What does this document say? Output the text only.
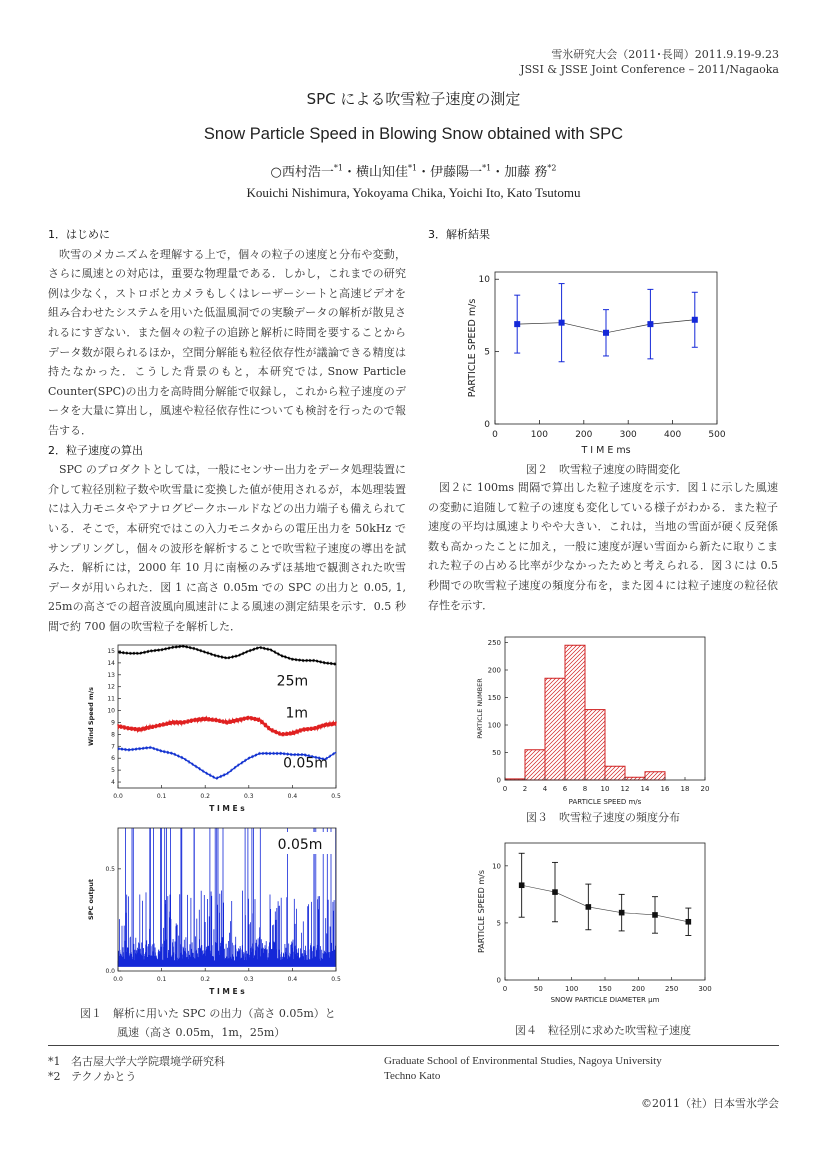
雪氷研究大会（2011･長岡）2011.9.19-9.23
JSSI & JSSE Joint Conference – 2011/Nagaoka
SPC による吹雪粒子速度の測定
Snow Particle Speed in Blowing Snow obtained with SPC
○西村浩一$^{*1}$・横山知佳$^{*1}$・伊藤陽一$^{*1}$・加藤 務$^{*2}$
Kouichi Nishimura, Yokoyama Chika, Yoichi Ito, Kato Tsutomu
1．はじめに

吹雪のメカニズムを理解する上で，個々の粒子の速度と分布や変動，さらに風速との対応は，重要な物理量である．しかし，これまでの研究例は少なく，ストロボとカメラもしくはレーザーシートと高速ビデオを組み合わせたシステムを用いた低温風洞での実験データの解析が散見されるにすぎない．また個々の粒子の追跡と解析に時間を要することからデータ数が限られるほか，空間分解能も粒径依存性が議論できる精度は持たなかった．こうした背景のもと，本研究では, Snow Particle Counter(SPC)の出力を高時間分解能で収録し，これから粒子速度のデータを大量に算出し，風速や粒径依存性についても検討を行ったので報告する．

2．粒子速度の算出

SPC のプロダクトとしては，一般にセンサー出力をデータ処理装置に介して粒径別粒子数や吹雪量に変換した値が使用されるが，本処理装置には入力モニタやアナログピークホールドなどの出力端子も備えられている．そこで，本研究ではこの入力モニタからの電圧出力を 50kHz でサンプリングし，個々の波形を解析することで吹雪粒子速度の導出を試みた．解析には，2000 年 10 月に南極のみずほ基地で観測された吹雪データが用いられた．図 1 に高さ 0.05m での SPC の出力と 0.05, 1, 25mの高さでの超音波風向風速計による風速の測定結果を示す．0.5 秒間で約 700 個の吹雪粒子を解析した．

3．解析結果
0	100	200	300	400	500
0
5
10
T I M E ms
PARTICLE SPEED m/s
図２　吹雪粒子速度の時間変化

図２に 100ms 間隔で算出した粒子速度を示す．図１に示した風速の変動に追随して粒子の速度も変化している様子がわかる．また粒子速度の平均は風速よりやや大きい．これは，当地の雪面が硬く反発係数も高かったことに加え，一般に速度が遅い雪面から新たに取りこまれた粒子の占める比率が少なかったためと考えられる．図３には 0.5 秒間での吹雪粒子速度の頻度分布を，また図４には粒子速度の粒径依存性を示す．

0.0	0.1	0.2	0.3	0.4	0.5
4
5
6
7
8
9
10
11
12
13
14
15
T I M E s
Wind Speed m/s
25m
1m
0.05m
0.0	0.1	0.2	0.3	0.4	0.5
0.0
0.5
T I M E s
SPC output
0.05m
図１　解析に用いた SPC の出力（高さ 0.05m）と
風速（高さ 0.05m，1m，25m）
0 2 4 6 8 10 12 14 16 18 20
0
50
100
150
200
250
PARTICLE SPEED m/s
PARTICLE NUMBER
図３　吹雪粒子速度の頻度分布
0	50	100	150	200	250	300
0
5
10
SNOW PARTICLE DIAMETER μm
PARTICLE SPEED m/s
図４　粒径別に求めた吹雪粒子速度
*1 名古屋大学大学院環境学研究科
*2 テクノかとう
Graduate School of Environmental Studies, Nagoya University
Techno Kato
©2011（社）日本雪氷学会
